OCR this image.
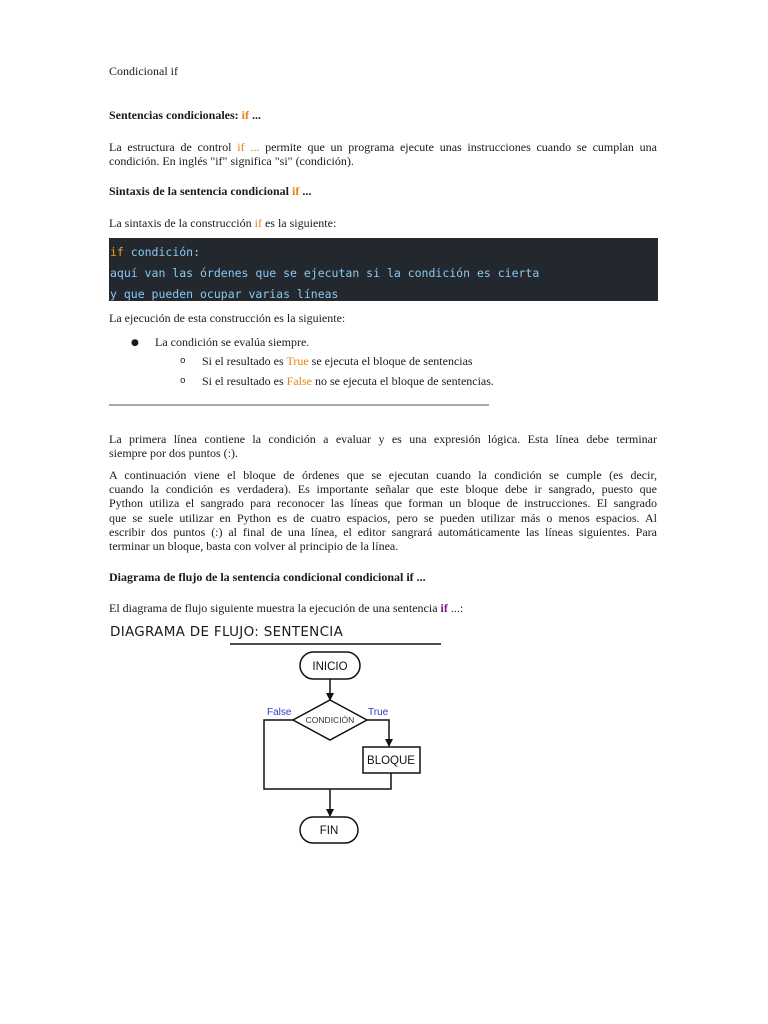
Condicional if

Sentencias condicionales: if ...

La estructura de control if ... permite que un programa ejecute unas instrucciones cuando se cumplan una

condición. En inglés "if" significa "si" (condición).

Sintaxis de la sentencia condicional if ...

La sintaxis de la construcción if es la siguiente:

if condición:
aquí van las órdenes que se ejecutan si la condición es cierta
y que pueden ocupar varias líneas

La ejecución de esta construcción es la siguiente:

● La condición se evalúa siempre.

o Si el resultado es True se ejecuta el bloque de sentencias

o Si el resultado es False no se ejecuta el bloque de sentencias.

La primera línea contiene la condición a evaluar y es una expresión lógica. Esta línea debe terminar

siempre por dos puntos (:).

A continuación viene el bloque de órdenes que se ejecutan cuando la condición se cumple (es decir,

cuando la condición es verdadera). Es importante señalar que este bloque debe ir sangrado, puesto que

Python utiliza el sangrado para reconocer las líneas que forman un bloque de instrucciones. El sangrado

que se suele utilizar en Python es de cuatro espacios, pero se pueden utilizar más o menos espacios. Al

escribir dos puntos (:) al final de una línea, el editor sangrará automáticamente las líneas siguientes. Para

terminar un bloque, basta con volver al principio de la línea.

Diagrama de flujo de la sentencia condicional condicional if ...

El diagrama de flujo siguiente muestra la ejecución de una sentencia if ...:

DIAGRAMA DE FLUJO: SENTENCIA
INICIO
CONDICIÓN
False	True
BLOQUE
FIN
